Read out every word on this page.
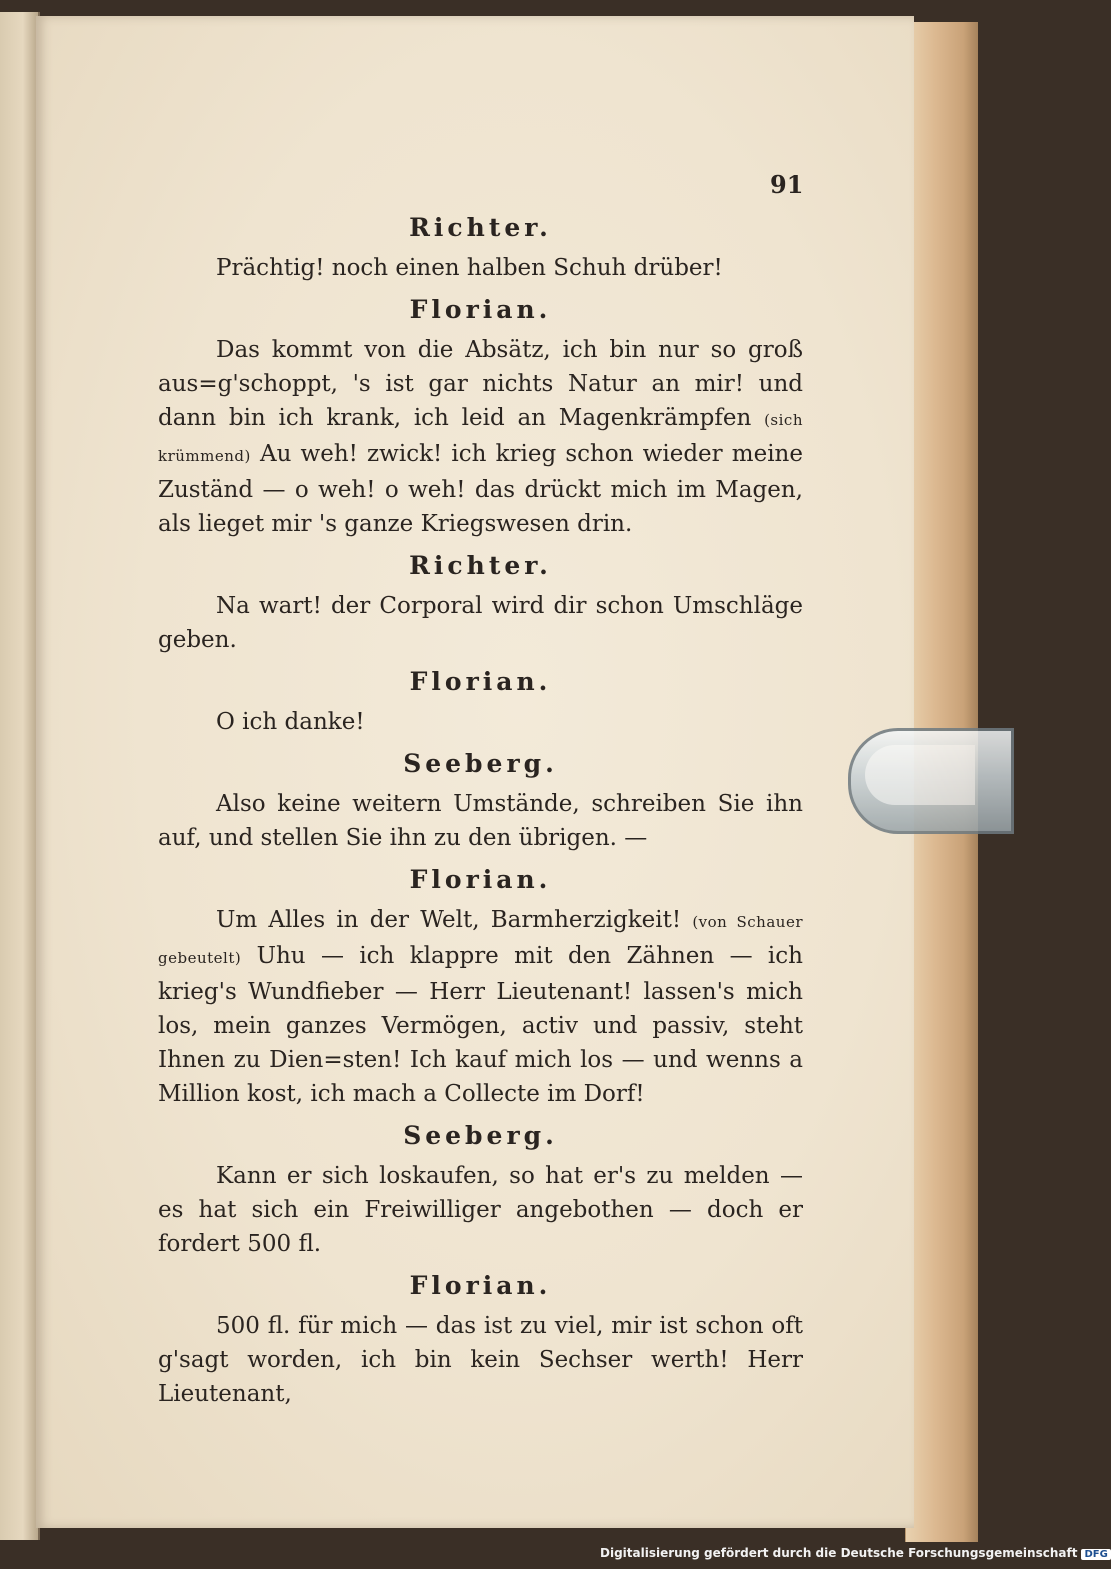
91

Richter.

Prächtig! noch einen halben Schuh drüber!

Florian.

Das kommt von die Absätz, ich bin nur so groß aus=g'schoppt, 's ist gar nichts Natur an mir! und dann bin ich krank, ich leid an Magenkrämpfen (sich krümmend) Au weh! zwick! ich krieg schon wieder meine Zuständ — o weh! o weh! das drückt mich im Magen, als lieget mir 's ganze Kriegswesen drin.

Richter.

Na wart! der Corporal wird dir schon Umschläge geben.

Florian.

O ich danke!

Seeberg.

Also keine weitern Umstände, schreiben Sie ihn auf, und stellen Sie ihn zu den übrigen. —

Florian.

Um Alles in der Welt, Barmherzigkeit! (von Schauer gebeutelt) Uhu — ich klappre mit den Zähnen — ich krieg's Wundfieber — Herr Lieutenant! lassen's mich los, mein ganzes Vermögen, activ und passiv, steht Ihnen zu Dien=sten! Ich kauf mich los — und wenns a Million kost, ich mach a Collecte im Dorf!

Seeberg.

Kann er sich loskaufen, so hat er's zu melden — es hat sich ein Freiwilliger angebothen — doch er fordert 500 fl.

Florian.

500 fl. für mich — das ist zu viel, mir ist schon oft g'sagt worden, ich bin kein Sechser werth! Herr Lieutenant,

Digitalisierung gefördert durch die Deutsche Forschungsgemeinschaft DFG
